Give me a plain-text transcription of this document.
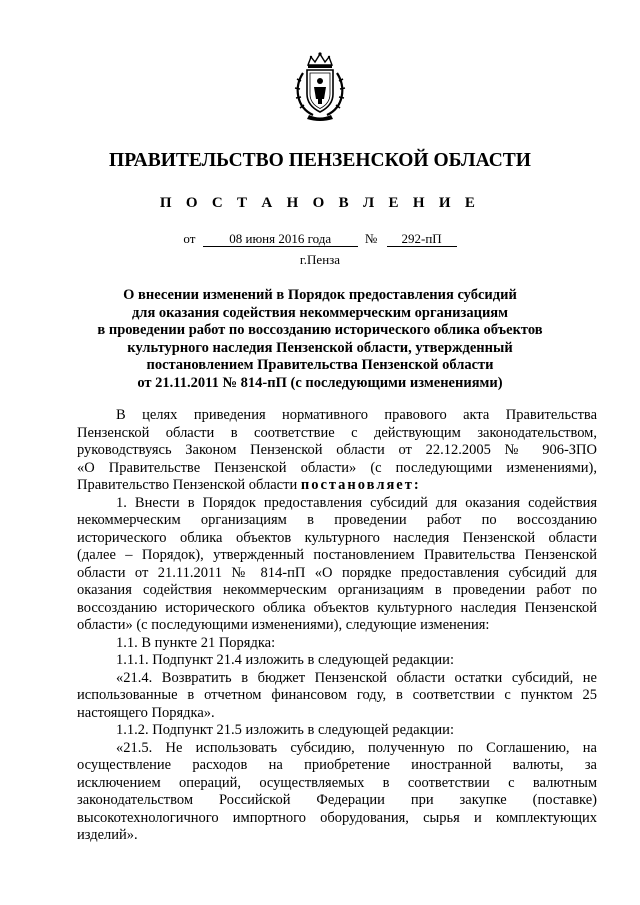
ПРАВИТЕЛЬСТВО ПЕНЗЕНСКОЙ ОБЛАСТИ
П О С Т А Н О В Л Е Н И Е
от	08 июня 2016 года	№ 292-пП
г.Пенза
О внесении изменений в Порядок предоставления субсидий
для оказания содействия некоммерческим организациям
в проведении работ по воссозданию исторического облика объектов
культурного наследия Пензенской области, утвержденный
постановлением Правительства Пензенской области
от 21.11.2011 № 814-пП (с последующими изменениями)

В целях приведения нормативного правового акта Правительства

Пензенской области в соответствие с действующим законодательством,

руководствуясь Законом Пензенской области от 22.12.2005 № 906-ЗПО

«О Правительстве Пензенской области» (с последующими изменениями),

Правительство Пензенской области постановляет:

1. Внести в Порядок предоставления субсидий для оказания содействия

некоммерческим организациям в проведении работ по воссозданию

исторического облика объектов культурного наследия Пензенской области

(далее – Порядок), утвержденный постановлением Правительства Пензенской

области от 21.11.2011 № 814-пП «О порядке предоставления субсидий для

оказания содействия некоммерческим организациям в проведении работ по

воссозданию исторического облика объектов культурного наследия Пензенской

области» (с последующими изменениями), следующие изменения:

1.1. В пункте 21 Порядка:

1.1.1. Подпункт 21.4 изложить в следующей редакции:

«21.4. Возвратить в бюджет Пензенской области остатки субсидий, не

использованные в отчетном финансовом году, в соответствии с пунктом 25

настоящего Порядка».

1.1.2. Подпункт 21.5 изложить в следующей редакции:

«21.5. Не использовать субсидию, полученную по Соглашению, на

осуществление расходов на приобретение иностранной валюты, за

исключением операций, осуществляемых в соответствии с валютным

законодательством Российской Федерации при закупке (поставке)

высокотехнологичного импортного оборудования, сырья и комплектующих

изделий».
